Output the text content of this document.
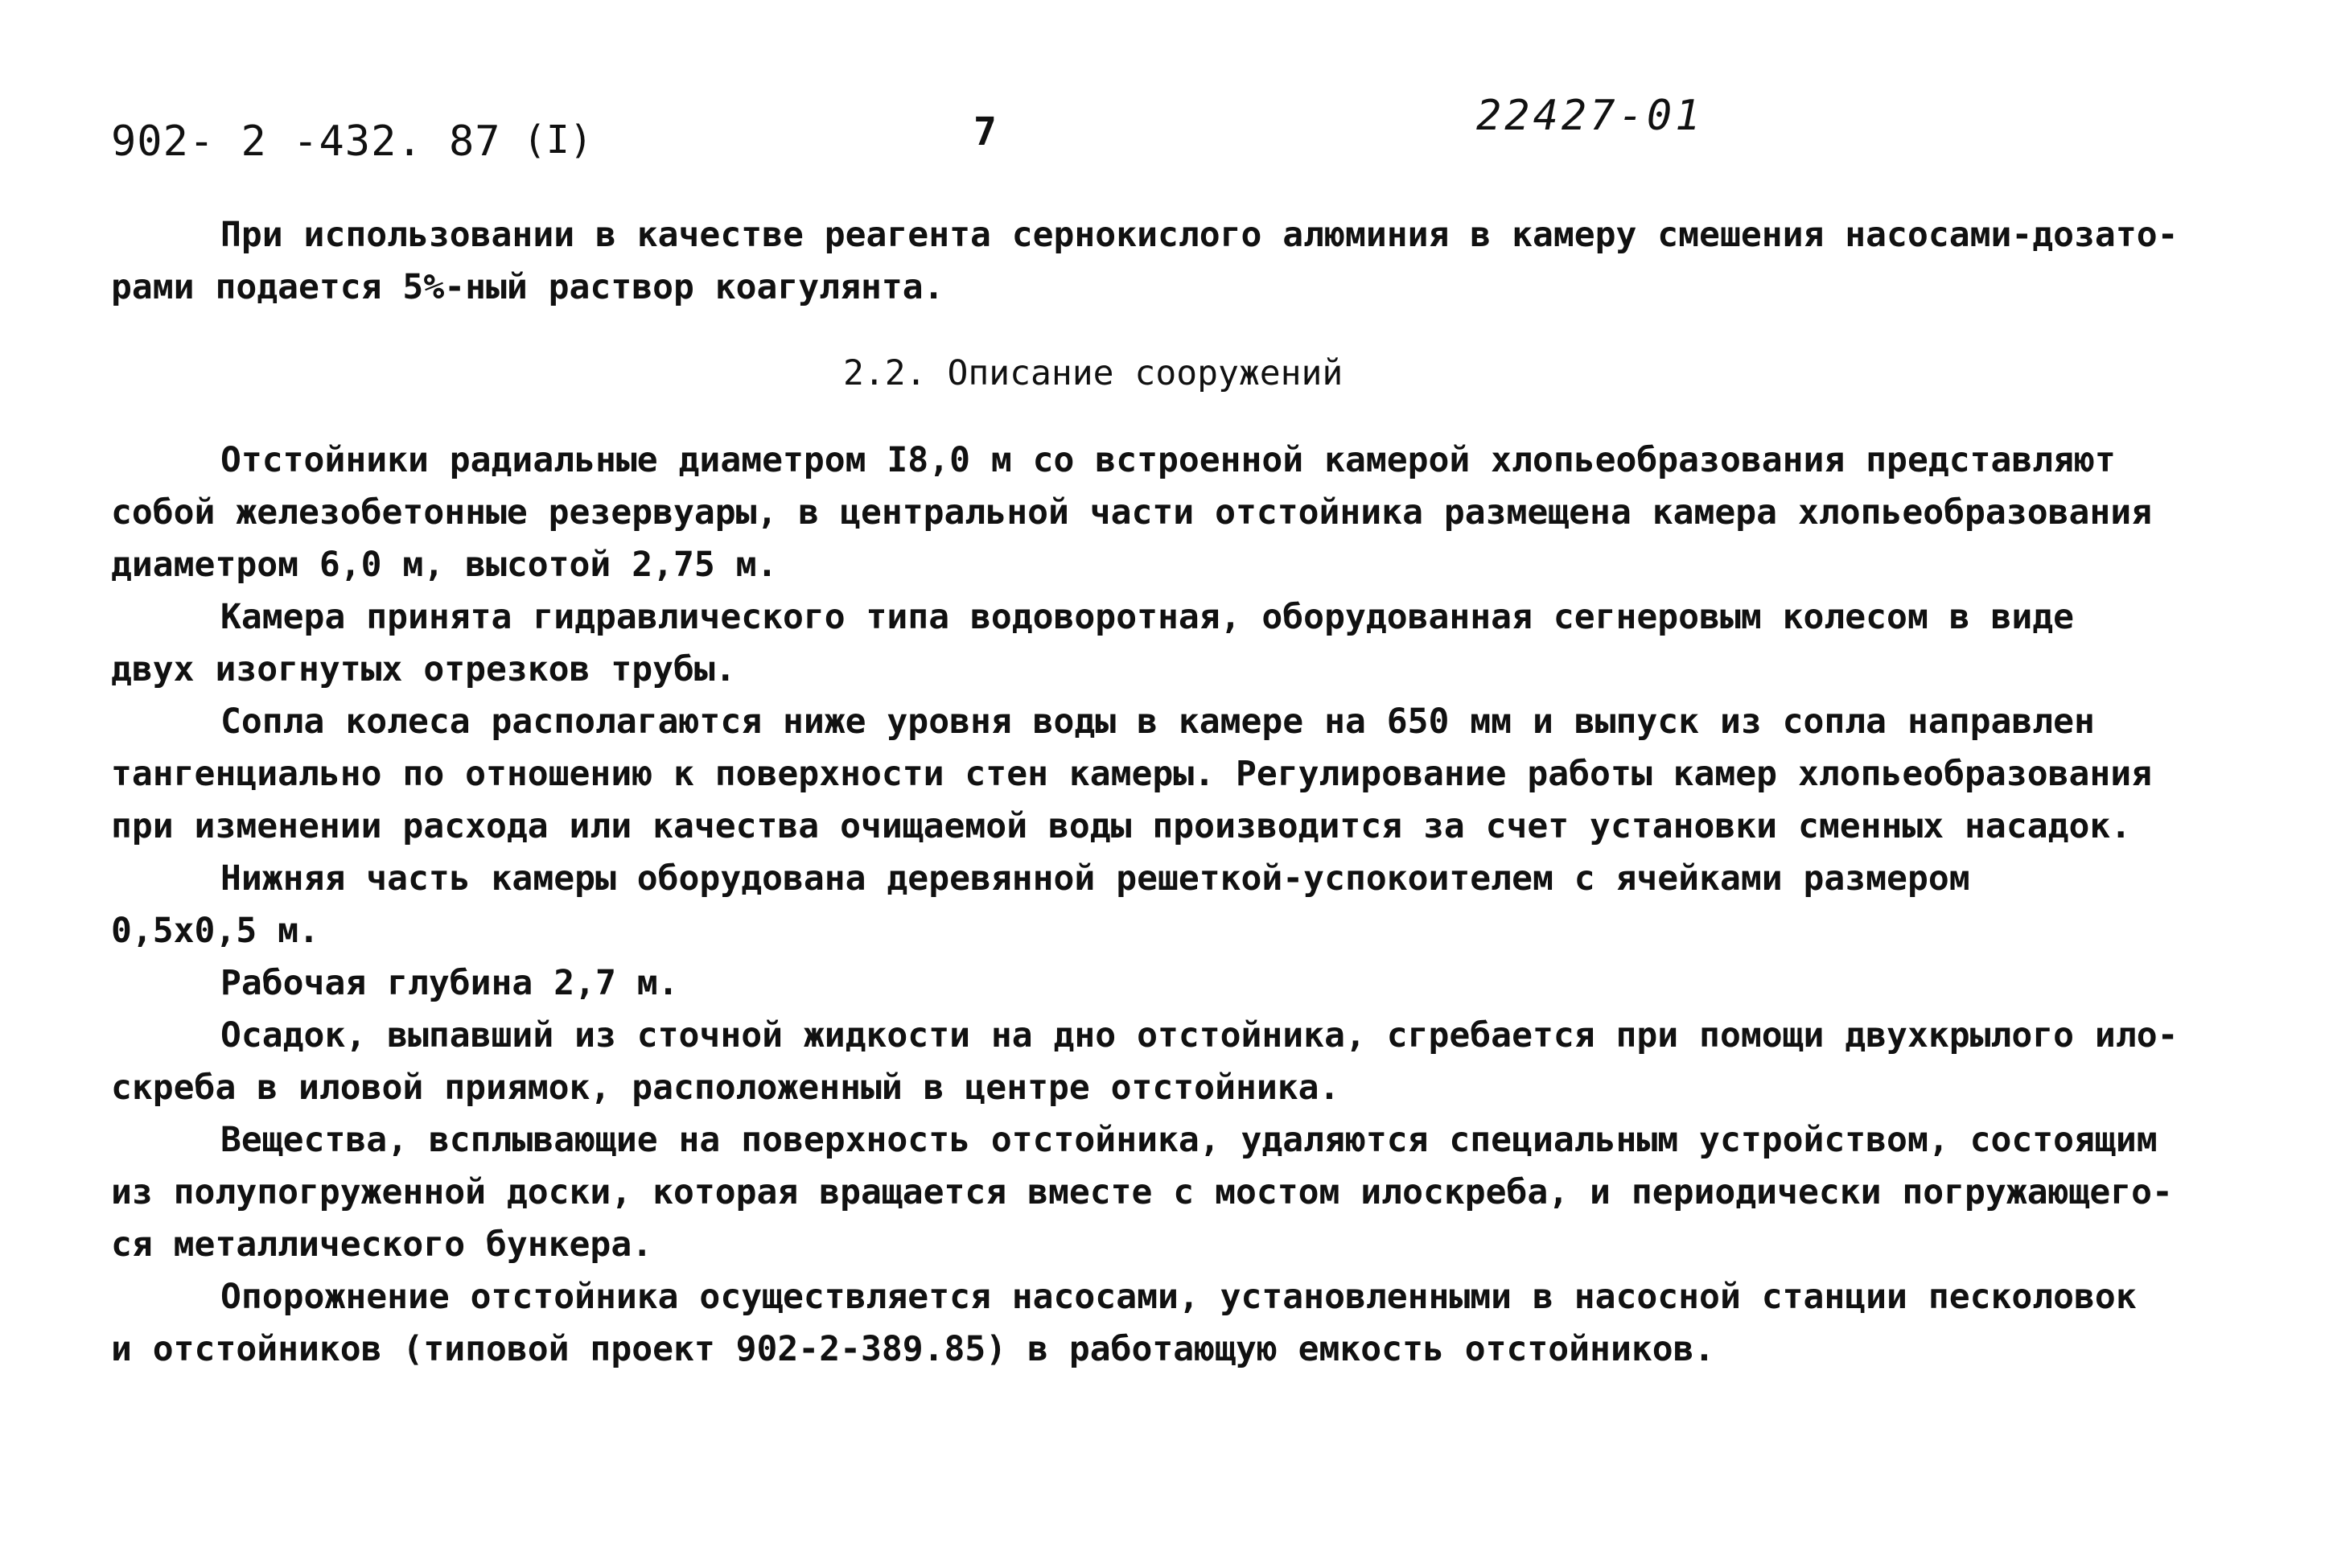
902- 2 -432. 87 (I)	7	22427-01

При использовании в качестве реагента сернокислого алюминия в камеру смешения насосами-дозато-

рами подается 5%-ный раствор коагулянта.

2.2. Описание сооружений

Отстойники радиальные диаметром I8,0 м со встроенной камерой хлопьеобразования представляют

собой железобетонные резервуары, в центральной части отстойника размещена камера хлопьеобразования

диаметром 6,0 м, высотой 2,75 м.

Камера принята гидравлического типа водоворотная, оборудованная сегнеровым колесом в виде

двух изогнутых отрезков трубы.

Сопла колеса располагаются ниже уровня воды в камере на 650 мм и выпуск из сопла направлен

тангенциально по отношению к поверхности стен камеры. Регулирование работы камер хлопьеобразования

при изменении расхода или качества очищаемой воды производится за счет установки сменных насадок.

Нижняя часть камеры оборудована деревянной решеткой-успокоителем с ячейками размером

0,5х0,5 м.

Рабочая глубина 2,7 м.

Осадок, выпавший из сточной жидкости на дно отстойника, сгребается при помощи двухкрылого ило-

скреба в иловой приямок, расположенный в центре отстойника.

Вещества, всплывающие на поверхность отстойника, удаляются специальным устройством, состоящим

из полупогруженной доски, которая вращается вместе с мостом илоскреба, и периодически погружающего-

ся металлического бункера.

Опорожнение отстойника осуществляется насосами, установленными в насосной станции песколовок

и отстойников (типовой проект 902-2-389.85) в работающую емкость отстойников.
